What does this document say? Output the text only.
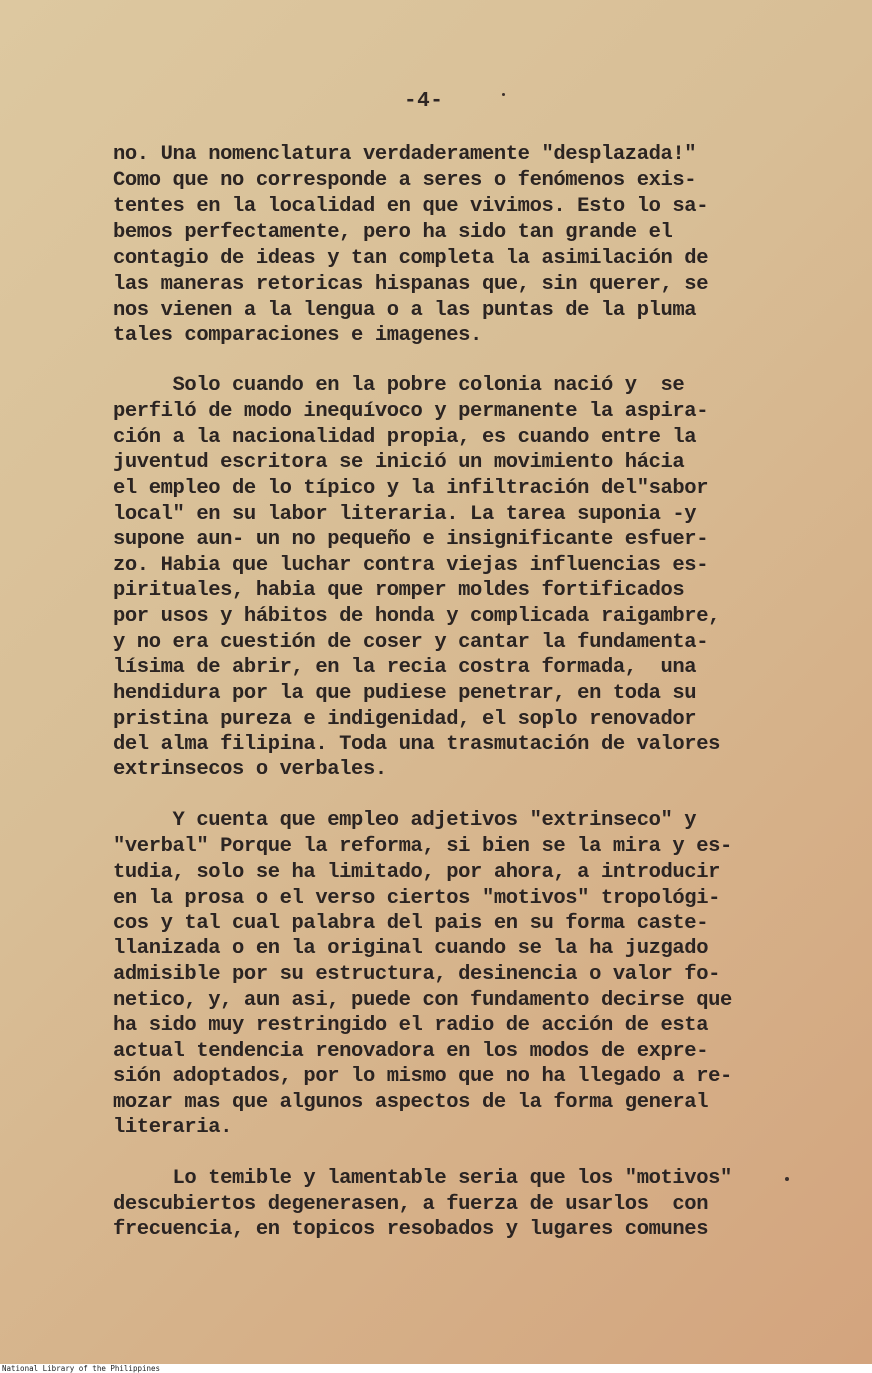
-4-
no. Una nomenclatura verdaderamente "desplazada!"
Como que no corresponde a seres o fenómenos exis-
tentes en la localidad en que vivimos. Esto lo sa-
bemos perfectamente, pero ha sido tan grande el
contagio de ideas y tan completa la asimilación de
las maneras retoricas hispanas que, sin querer, se
nos vienen a la lengua o a las puntas de la pluma
tales comparaciones e imagenes.
Solo cuando en la pobre colonia nació y  se
perfiló de modo inequívoco y permanente la aspira-
ción a la nacionalidad propia, es cuando entre la
juventud escritora se inició un movimiento hácia
el empleo de lo típico y la infiltración del"sabor
local" en su labor literaria. La tarea suponia -y
supone aun- un no pequeño e insignificante esfuer-
zo. Habia que luchar contra viejas influencias es-
pirituales, habia que romper moldes fortificados
por usos y hábitos de honda y complicada raigambre,
y no era cuestión de coser y cantar la fundamenta-
lísima de abrir, en la recia costra formada,  una
hendidura por la que pudiese penetrar, en toda su
pristina pureza e indigenidad, el soplo renovador
del alma filipina. Toda una trasmutación de valores
extrinsecos o verbales.
Y cuenta que empleo adjetivos "extrinseco" y
"verbal" Porque la reforma, si bien se la mira y es-
tudia, solo se ha limitado, por ahora, a introducir
en la prosa o el verso ciertos "motivos" tropológi-
cos y tal cual palabra del pais en su forma caste-
llanizada o en la original cuando se la ha juzgado
admisible por su estructura, desinencia o valor fo-
netico, y, aun asi, puede con fundamento decirse que
ha sido muy restringido el radio de acción de esta
actual tendencia renovadora en los modos de expre-
sión adoptados, por lo mismo que no ha llegado a re-
mozar mas que algunos aspectos de la forma general
literaria.
Lo temible y lamentable seria que los "motivos"
descubiertos degenerasen, a fuerza de usarlos  con
frecuencia, en topicos resobados y lugares comunes
National Library of the Philippines
